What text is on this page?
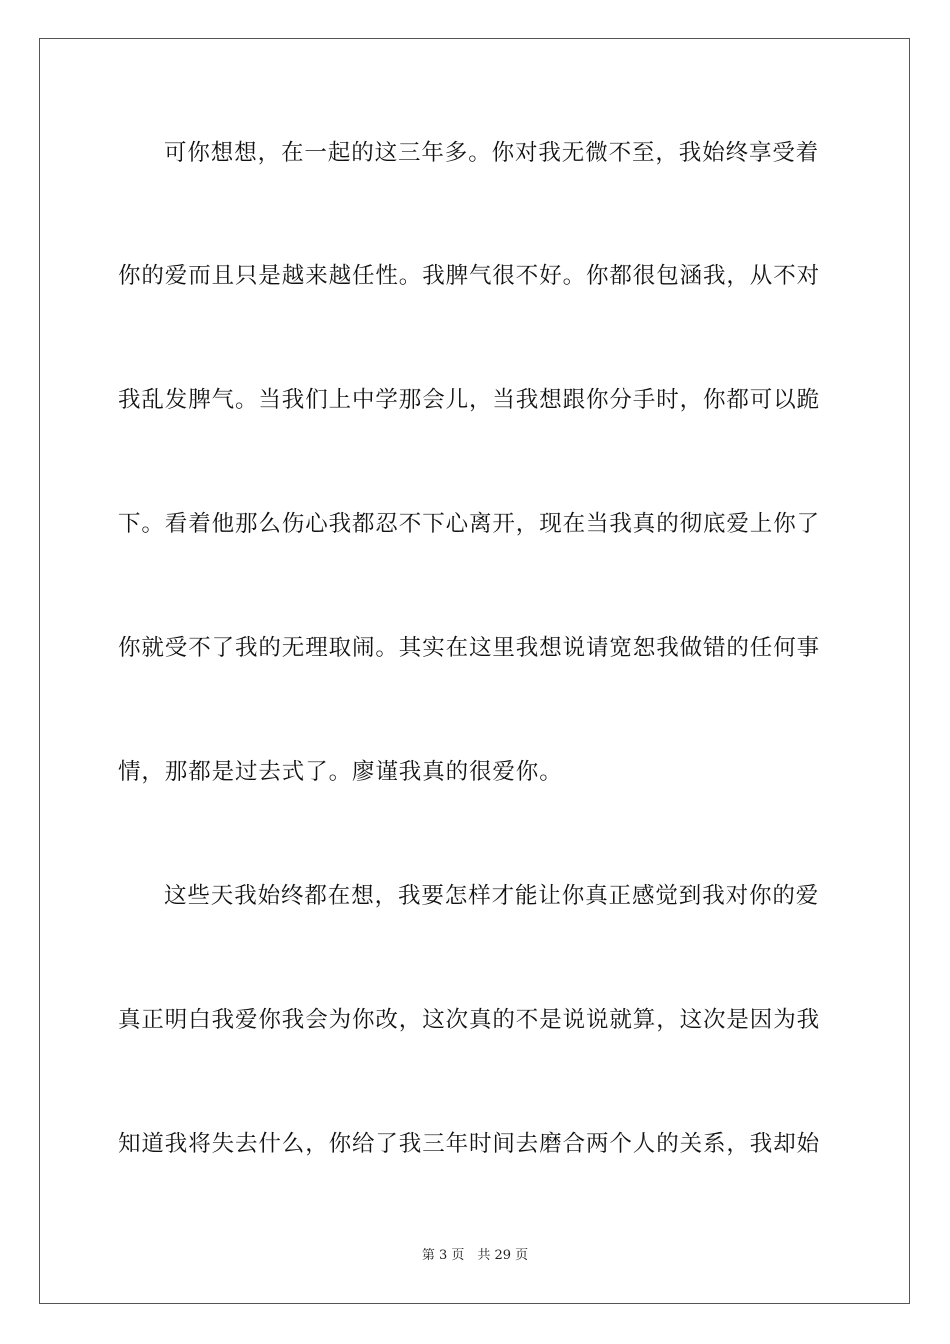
可你想想，在一起的这三年多。你对我无微不至，我始终享受着
你的爱而且只是越来越任性。我脾气很不好。你都很包涵我，从不对
我乱发脾气。当我们上中学那会儿，当我想跟你分手时，你都可以跪
下。看着他那么伤心我都忍不下心离开，现在当我真的彻底爱上你了
你就受不了我的无理取闹。其实在这里我想说请宽恕我做错的任何事
情，那都是过去式了。廖谨我真的很爱你。
这些天我始终都在想，我要怎样才能让你真正感觉到我对你的爱
真正明白我爱你我会为你改，这次真的不是说说就算，这次是因为我
知道我将失去什么，你给了我三年时间去磨合两个人的关系，我却始
第 3 页　共 29 页
